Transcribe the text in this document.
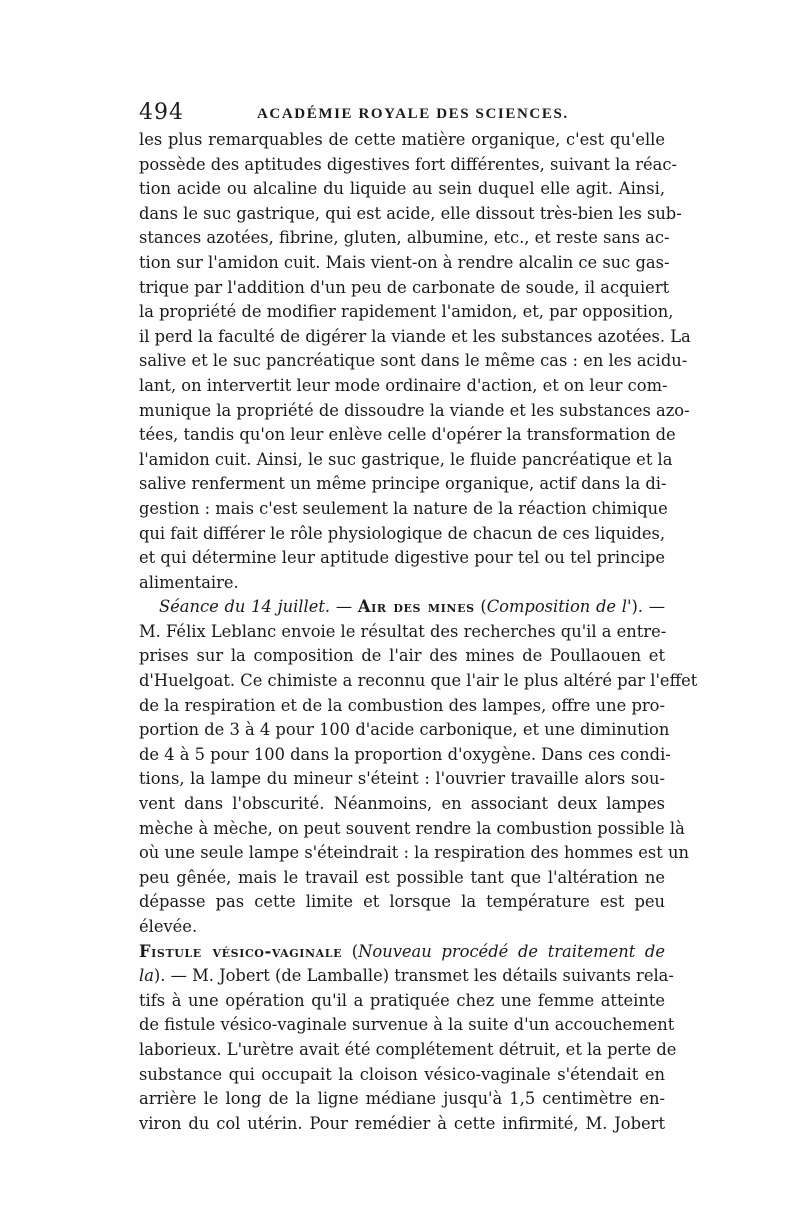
494	ACADÉMIE ROYALE DES SCIENCES.
les plus remarquables de cette matière organique, c'est qu'elle
possède des aptitudes digestives fort différentes, suivant la réac-
tion acide ou alcaline du liquide au sein duquel elle agit. Ainsi,
dans le suc gastrique, qui est acide, elle dissout très-bien les sub-
stances azotées, fibrine, gluten, albumine, etc., et reste sans ac-
tion sur l'amidon cuit. Mais vient-on à rendre alcalin ce suc gas-
trique par l'addition d'un peu de carbonate de soude, il acquiert
la propriété de modifier rapidement l'amidon, et, par opposition,
il perd la faculté de digérer la viande et les substances azotées. La
salive et le suc pancréatique sont dans le même cas : en les acidu-
lant, on intervertit leur mode ordinaire d'action, et on leur com-
munique la propriété de dissoudre la viande et les substances azo-
tées, tandis qu'on leur enlève celle d'opérer la transformation de
l'amidon cuit. Ainsi, le suc gastrique, le fluide pancréatique et la
salive renferment un même principe organique, actif dans la di-
gestion : mais c'est seulement la nature de la réaction chimique
qui fait différer le rôle physiologique de chacun de ces liquides,
et qui détermine leur aptitude digestive pour tel ou tel principe
alimentaire.
Séance du 14 juillet. — Air des mines (Composition de l'). —
M. Félix Leblanc envoie le résultat des recherches qu'il a entre-
prises sur la composition de l'air des mines de Poullaouen et
d'Huelgoat. Ce chimiste a reconnu que l'air le plus altéré par l'effet
de la respiration et de la combustion des lampes, offre une pro-
portion de 3 à 4 pour 100 d'acide carbonique, et une diminution
de 4 à 5 pour 100 dans la proportion d'oxygène. Dans ces condi-
tions, la lampe du mineur s'éteint : l'ouvrier travaille alors sou-
vent dans l'obscurité. Néanmoins, en associant deux lampes
mèche à mèche, on peut souvent rendre la combustion possible là
où une seule lampe s'éteindrait : la respiration des hommes est un
peu gênée, mais le travail est possible tant que l'altération ne
dépasse pas cette limite et lorsque la température est peu
élevée.
Fistule vésico-vaginale (Nouveau procédé de traitement de
la). — M. Jobert (de Lamballe) transmet les détails suivants rela-
tifs à une opération qu'il a pratiquée chez une femme atteinte
de fistule vésico-vaginale survenue à la suite d'un accouchement
laborieux. L'urètre avait été complétement détruit, et la perte de
substance qui occupait la cloison vésico-vaginale s'étendait en
arrière le long de la ligne médiane jusqu'à 1,5 centimètre en-
viron du col utérin. Pour remédier à cette infirmité, M. Jobert
